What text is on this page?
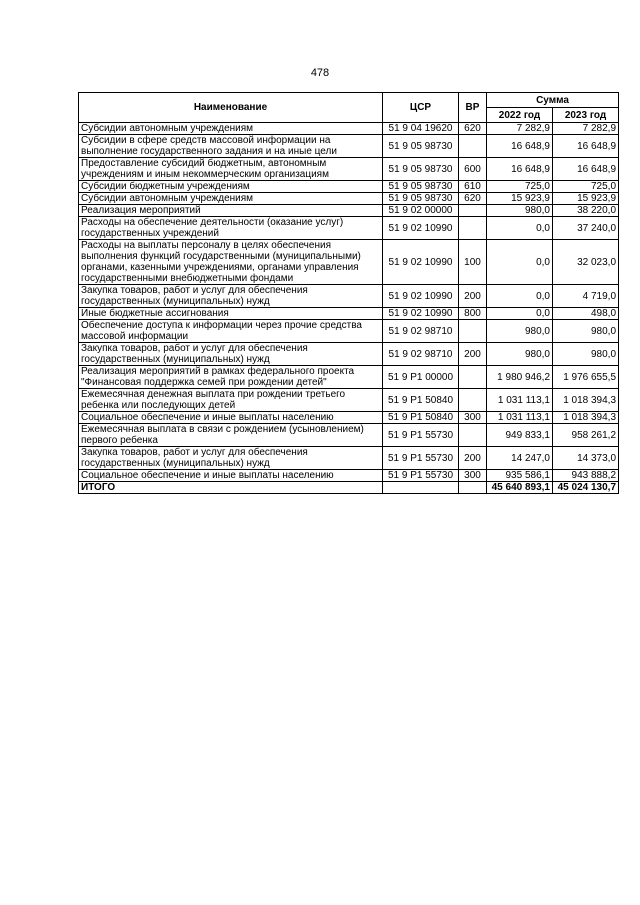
478
Наименование	ЦСР	ВР	Сумма	
			2022 год	2023 год
Субсидии автономным учреждениям	51 9 04 19620	620	7 282,9	7 282,9
Субсидии в сфере средств массовой информации на выполнение государственного задания и на иные цели	51 9 05 98730		16 648,9	16 648,9
Предоставление субсидий бюджетным, автономным учреждениям и иным некоммерческим организациям	51 9 05 98730	600	16 648,9	16 648,9
Субсидии бюджетным учреждениям	51 9 05 98730	610	725,0	725,0
Субсидии автономным учреждениям	51 9 05 98730	620	15 923,9	15 923,9
Реализация мероприятий	51 9 02 00000		980,0	38 220,0
Расходы на обеспечение деятельности (оказание услуг) государственных учреждений	51 9 02 10990		0,0	37 240,0
Расходы на выплаты персоналу в целях обеспечения выполнения функций государственными (муниципальными) органами, казенными учреждениями, органами управления государственными внебюджетными фондами	51 9 02 10990	100	0,0	32 023,0
Закупка товаров, работ и услуг для обеспечения государственных (муниципальных) нужд	51 9 02 10990	200	0,0	4 719,0
Иные бюджетные ассигнования	51 9 02 10990	800	0,0	498,0
Обеспечение доступа к информации через прочие средства массовой информации	51 9 02 98710		980,0	980,0
Закупка товаров, работ и услуг для обеспечения государственных (муниципальных) нужд	51 9 02 98710	200	980,0	980,0
Реализация мероприятий в рамках федерального проекта "Финансовая поддержка семей при рождении детей"	51 9 P1 00000		1 980 946,2	1 976 655,5
Ежемесячная денежная выплата при рождении третьего ребенка или последующих детей	51 9 P1 50840		1 031 113,1	1 018 394,3
Социальное обеспечение и иные выплаты населению	51 9 P1 50840	300	1 031 113,1	1 018 394,3
Ежемесячная выплата в связи с рождением (усыновлением) первого ребенка	51 9 P1 55730		949 833,1	958 261,2
Закупка товаров, работ и услуг для обеспечения государственных (муниципальных) нужд	51 9 P1 55730	200	14 247,0	14 373,0
Социальное обеспечение и иные выплаты населению	51 9 P1 55730	300	935 586,1	943 888,2
ИТОГО			45 640 893,1	45 024 130,7
